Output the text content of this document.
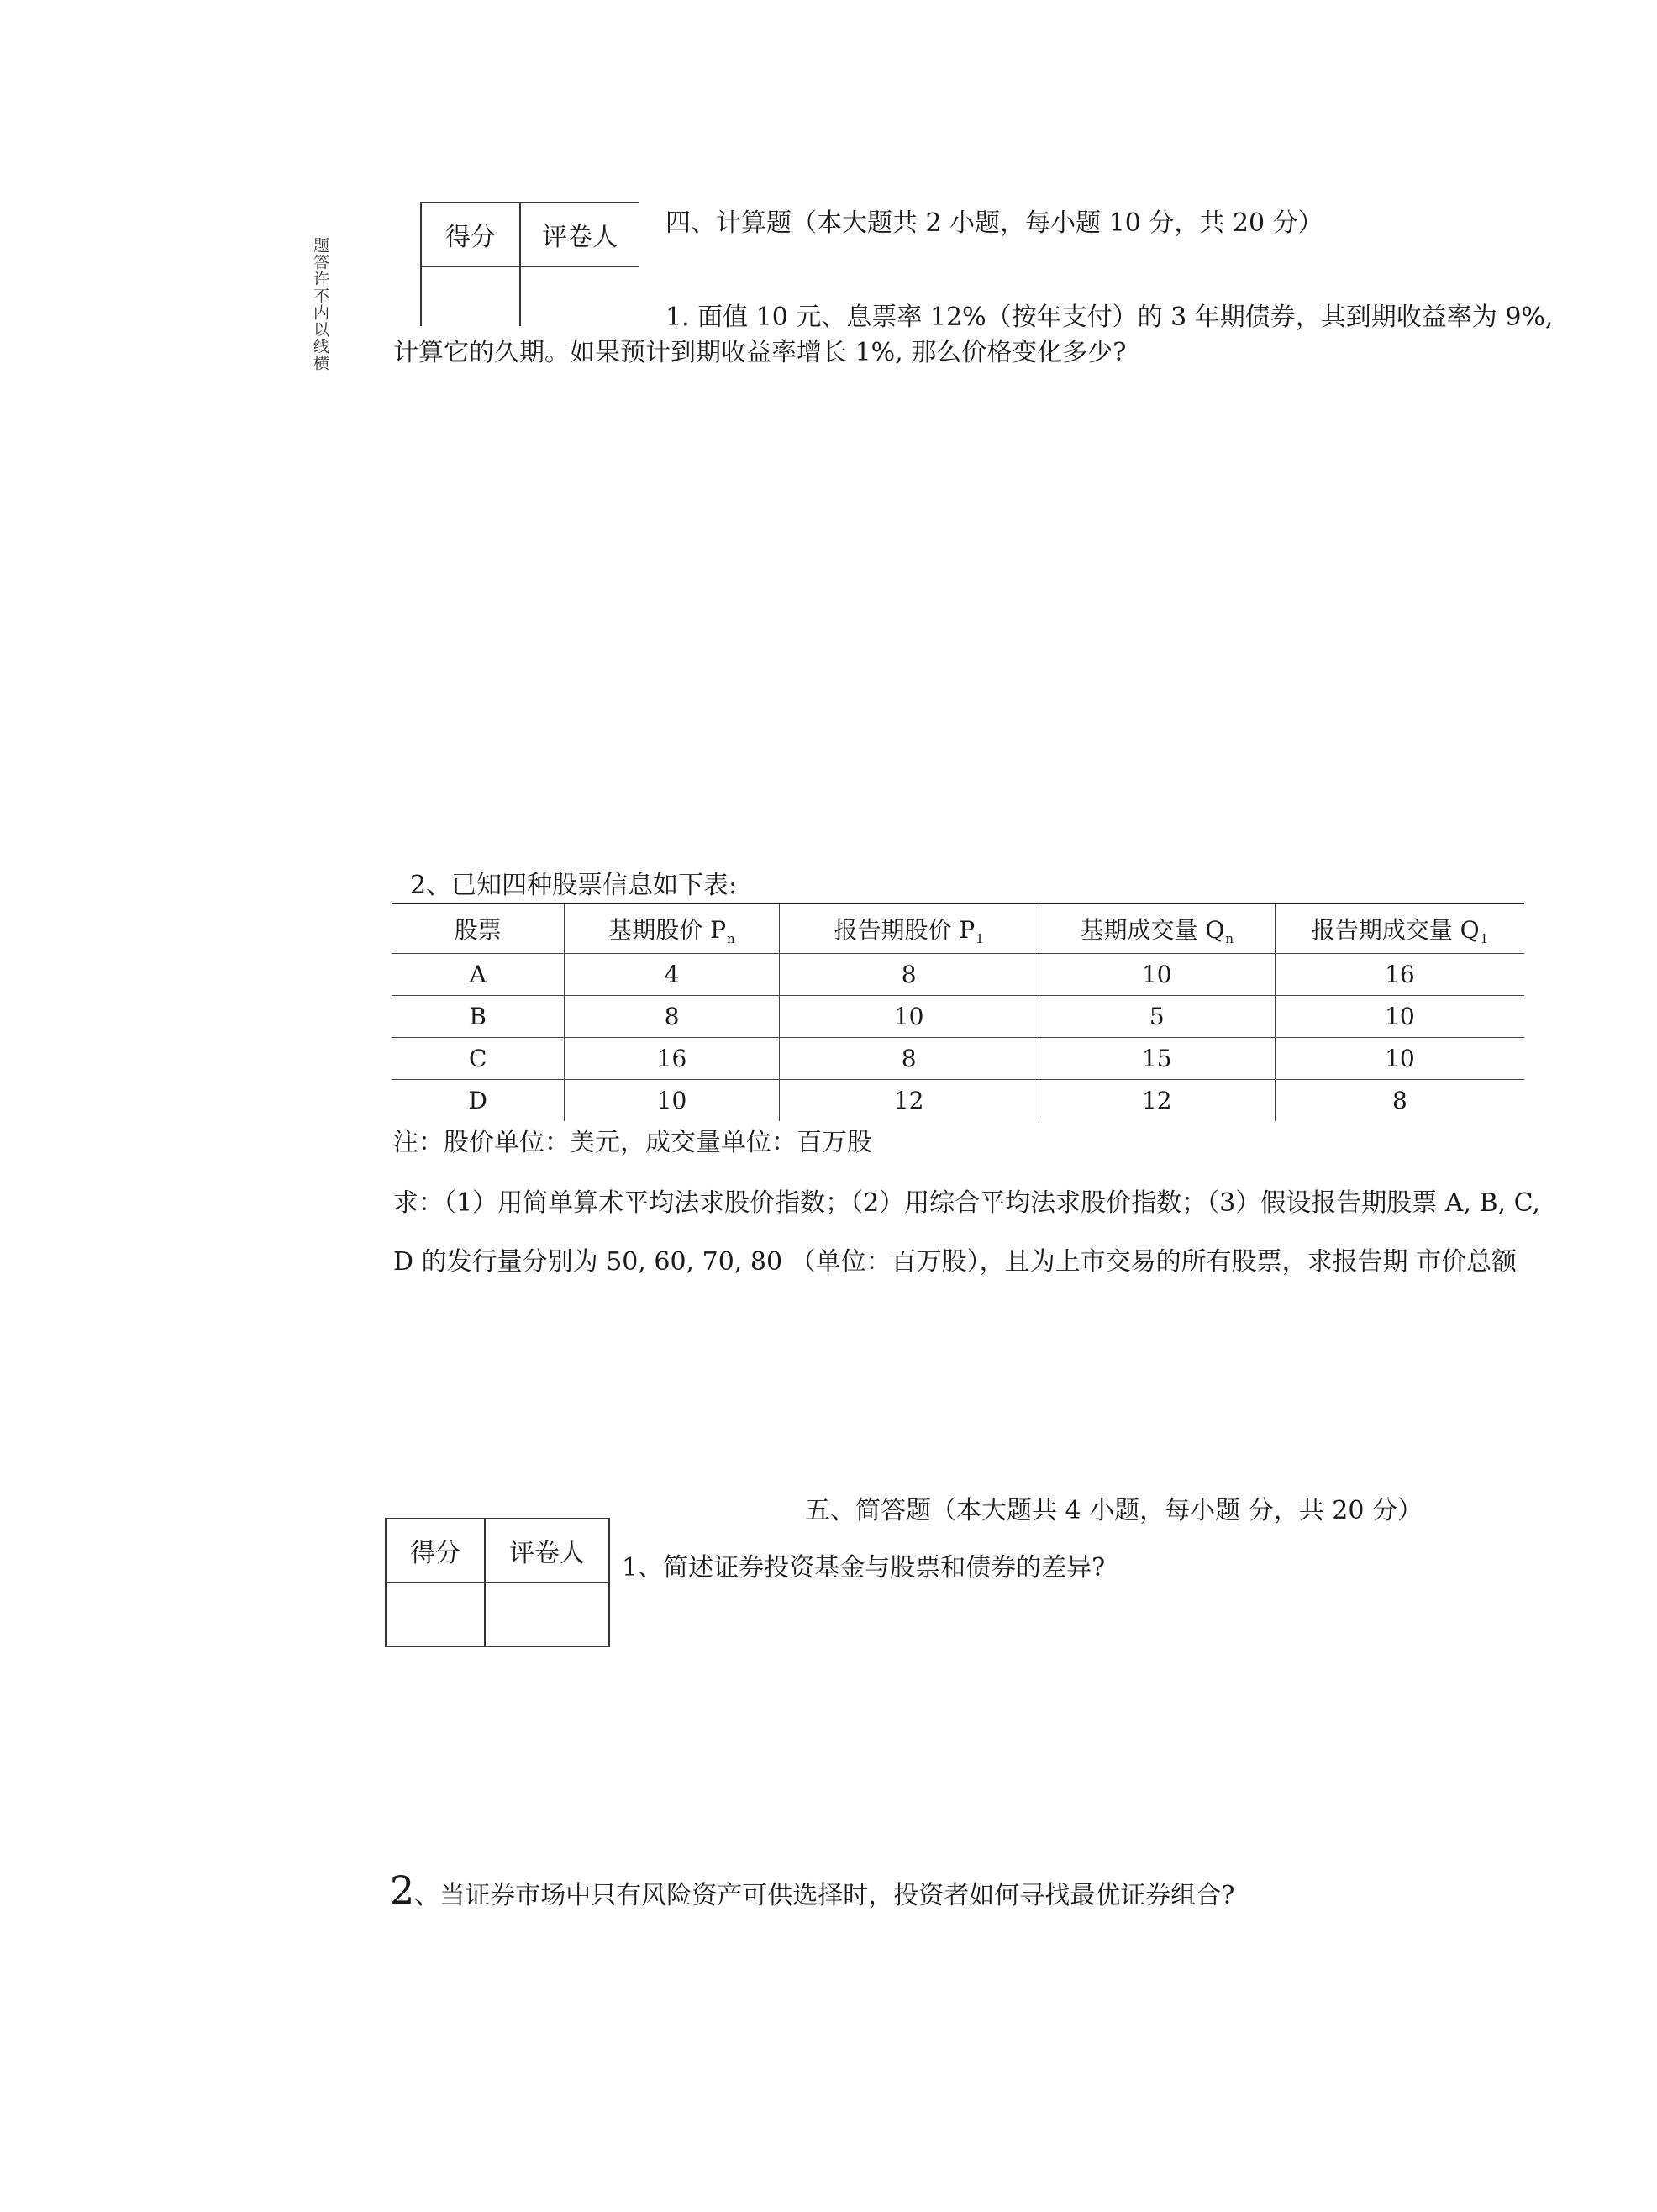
题答许不内以线横	得分	评卷人
	四、计算题（本大题共 2 小题，每小题 10 分，共 20 分）
1. 面值 10 元、息票率 12%（按年支付）的 3 年期债券，其到期收益率为 9%,
计算它的久期。如果预计到期收益率增长 1%, 那么价格变化多少?
2、已知四种股票信息如下表:
股票	基期股价 $P_n$	报告期股价 $P_1$	基期成交量 $Q_n$	报告期成交量 $Q_1$
A	4	8	10	16
B	8	10	5	10
C	16	8	15	10
D	10	12	12	8
注：股价单位：美元，成交量单位：百万股
求：（1）用简单算术平均法求股价指数；（2）用综合平均法求股价指数；（3）假设报告期股票 A, B, C,
D 的发行量分别为 50, 60, 70, 80 （单位：百万股），且为上市交易的所有股票，求报告期 市价总额
五、简答题（本大题共 4 小题，每小题 分，共 20 分）
得分	评卷人
	1、简述证券投资基金与股票和债券的差异?
2、当证券市场中只有风险资产可供选择时，投资者如何寻找最优证券组合?
